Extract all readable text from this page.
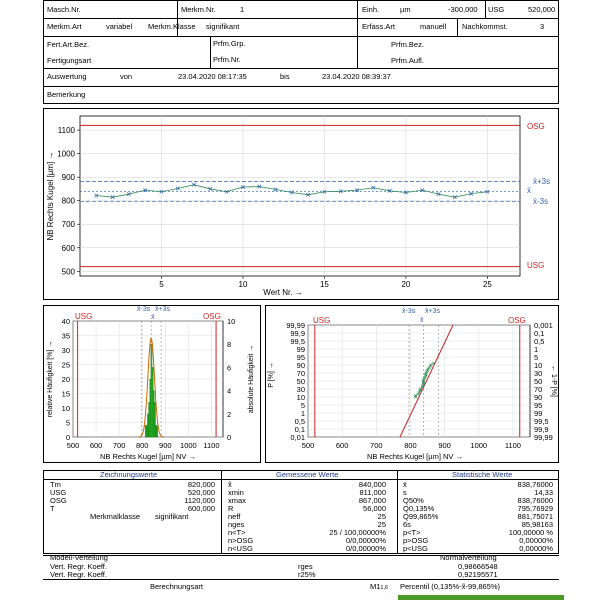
Masch.Nr.	Merkm.Nr.	1	Einh.	µm	-300,000 USG	520,000
Merkm.Art	variabel Merkm.Klasse signifikant	Erfass.Art	manuell Nachkommst.	3
Fert.Art.Bez.	Prfm.Grp.	Prfm.Bez.
Fertigungsart	Prfm.Nr.	Prfm.Aufl.
Auswertung	von	23.04.2020 08:17:35	bis	23.04.2020 08:39:37
Bemerkung
1100
1000
900
800
700
600
500
5	10	15	20	25
OSG
USG
x̄+3s
x̄
x̄-3s
Wert Nr. →
NB Rechts Kugel [µm] →
40
35
30
25
20
15
10
5
0
10
8
6
4
2
0
500 600 700 800 900 1000 1100
USG	OSG
x̄-3s
x̄
x̄+3s
NB Rechts Kugel [µm] NV →
relative Häufigkeit [%] →	absolute Häufigkeit →
99,99
99,9
99,5
99
95
90
70
50
30
10
5
1
0,5
0,1
0,01
0,001
0,1
0,5
1
5
10
30
50
70
90
95
99
99,5
99,9
99,99
500	600	700	800	900	1000 1100
USG	OSG
x̄-3s
x̄
x̄+3s
NB Rechts Kugel [µm] NV →
P [%] →	← 1-P [%]
Zeichnungswerte	Gemessene Werte	Statistische Werte
Tm	820,000
USG	520,000
OSG	1120,000
T	600,000
Merkmalklasse signifikant
x̃	840,000
xmin	811,000
xmax	867,000
R	56,000
neff	25
nges	25
n<T>	25 / 100,00000%
n>OSG	0/0,00000%
n<USG	0/0,00000%
x̄	838,76000
s	14,33
Q50%	838,76000
Q0,135%	795,76929
Q99,865%	881,75071
6s	85,98163
p<T>	100,00000 %
p>OSG	0,00000%
p<USG	0,00000%
Modell-Verteilung	Normalverteilung
Vert. Regr. Koeff.	rges	0,98666548
Vert. Regr. Koeff.	r25%	0,92195571
Berechnungsart	M11,6 Percentil (0,135%-x̃-99,865%)
